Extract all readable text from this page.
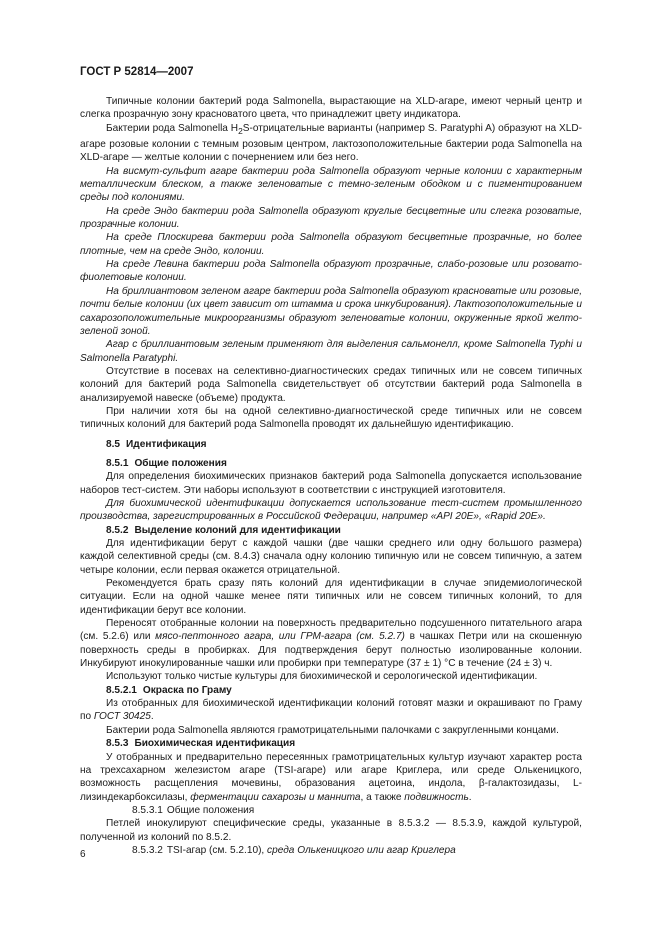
ГОСТ Р 52814—2007

Типичные колонии бактерий рода Salmonella, вырастающие на XLD-агаре, имеют черный центр и слегка прозрачную зону красноватого цвета, что принадлежит цвету индикатора.

Бактерии рода Salmonella $H_2S$-отрицательные варианты (например S. Paratyphi A) образуют на XLD-агаре розовые колонии с темным розовым центром, лактозоположительные бактерии рода Salmonella на XLD-агаре — желтые колонии с почернением или без него.

На висмут-сульфит агаре бактерии рода Salmonella образуют черные колонии с характерным металлическим блеском, а также зеленоватые с темно-зеленым ободком и с пигментированием среды под колониями.

На среде Эндо бактерии рода Salmonella образуют круглые бесцветные или слегка розоватые, прозрачные колонии.

На среде Плоскирева бактерии рода Salmonella образуют бесцветные прозрачные, но более плотные, чем на среде Эндо, колонии.

На среде Левина бактерии рода Salmonella образуют прозрачные, слабо-розовые или розовато-фиолетовые колонии.

На бриллиантовом зеленом агаре бактерии рода Salmonella образуют красноватые или розовые, почти белые колонии (их цвет зависит от штамма и срока инкубирования). Лактозоположительные и сахарозоположительные микроорганизмы образуют зеленоватые колонии, окруженные яркой желто-зеленой зоной.

Агар с бриллиантовым зеленым применяют для выделения сальмонелл, кроме Salmonella Typhi и Salmonella Paratyphi.

Отсутствие в посевах на селективно-диагностических средах типичных или не совсем типичных колоний для бактерий рода Salmonella свидетельствует об отсутствии бактерий рода Salmonella в анализируемой навеске (объеме) продукта.

При наличии хотя бы на одной селективно-диагностической среде типичных или не совсем типичных колоний для бактерий рода Salmonella проводят их дальнейшую идентификацию.

8.5 Идентификация
8.5.1 Общие положения

Для определения биохимических признаков бактерий рода Salmonella допускается использование наборов тест-систем. Эти наборы используют в соответствии с инструкцией изготовителя.

Для биохимической идентификации допускается использование тест-систем промышленного производства, зарегистрированных в Российской Федерации, например «API 20E», «Rapid 20E».

8.5.2 Выделение колоний для идентификации

Для идентификации берут с каждой чашки (две чашки среднего или одну большого размера) каждой селективной среды (см. 8.4.3) сначала одну колонию типичную или не совсем типичную, а затем четыре колонии, если первая окажется отрицательной.

Рекомендуется брать сразу пять колоний для идентификации в случае эпидемиологической ситуации. Если на одной чашке менее пяти типичных или не совсем типичных колоний, то для идентификации берут все колонии.

Переносят отобранные колонии на поверхность предварительно подсушенного питательного агара (см. 5.2.6) или мясо-пептонного агара, или ГРМ-агара (см. 5.2.7) в чашках Петри или на скошенную поверхность среды в пробирках. Для подтверждения берут полностью изолированные колонии. Инкубируют инокулированные чашки или пробирки при температуре (37 ± 1) °С в течение (24 ± 3) ч.

Используют только чистые культуры для биохимической и серологической идентификации.

8.5.2.1 Окраска по Граму

Из отобранных для биохимической идентификации колоний готовят мазки и окрашивают по Граму по ГОСТ 30425.

Бактерии рода Salmonella являются грамотрицательными палочками с закругленными концами.

8.5.3 Биохимическая идентификация

У отобранных и предварительно пересеянных грамотрицательных культур изучают характер роста на трехсахарном железистом агаре (TSI-агаре) или агаре Криглера, или среде Олькеницкого, возможность расщепления мочевины, образования ацетоина, индола, β-галактозидазы, L-лизиндекарбоксилазы, ферментации сахарозы и маннита, а также подвижность.

8.5.3.1 Общие положения

Петлей инокулируют специфические среды, указанные в 8.5.3.2 — 8.5.3.9, каждой культурой, полученной из колоний по 8.5.2.

8.5.3.2 TSI-агар (см. 5.2.10), среда Олькеницкого или агар Криглера

6
